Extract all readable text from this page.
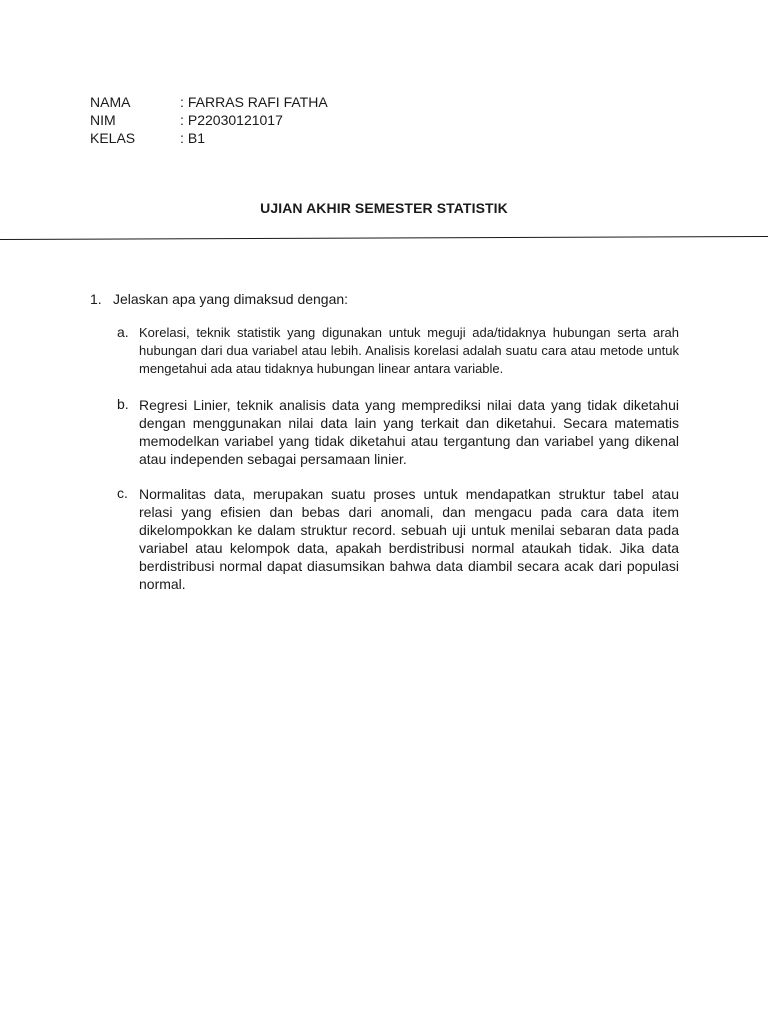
NAMA	: FARRAS RAFI FATHA
NIM	: P22030121017
KELAS	: B1
UJIAN AKHIR SEMESTER STATISTIK
1. Jelaskan apa yang dimaksud dengan:
a. Korelasi, teknik statistik yang digunakan untuk meguji ada/tidaknya hubungan serta arah hubungan dari dua variabel atau lebih. Analisis korelasi adalah suatu cara atau metode untuk mengetahui ada atau tidaknya hubungan linear antara variable.
b. Regresi Linier, teknik analisis data yang memprediksi nilai data yang tidak diketahui dengan menggunakan nilai data lain yang terkait dan diketahui. Secara matematis memodelkan variabel yang tidak diketahui atau tergantung dan variabel yang dikenal atau independen sebagai persamaan linier.
c. Normalitas data, merupakan suatu proses untuk mendapatkan struktur tabel atau relasi yang efisien dan bebas dari anomali, dan mengacu pada cara data item dikelompokkan ke dalam struktur record. sebuah uji untuk menilai sebaran data pada variabel atau kelompok data, apakah berdistribusi normal ataukah tidak. Jika data berdistribusi normal dapat diasumsikan bahwa data diambil secara acak dari populasi normal.
